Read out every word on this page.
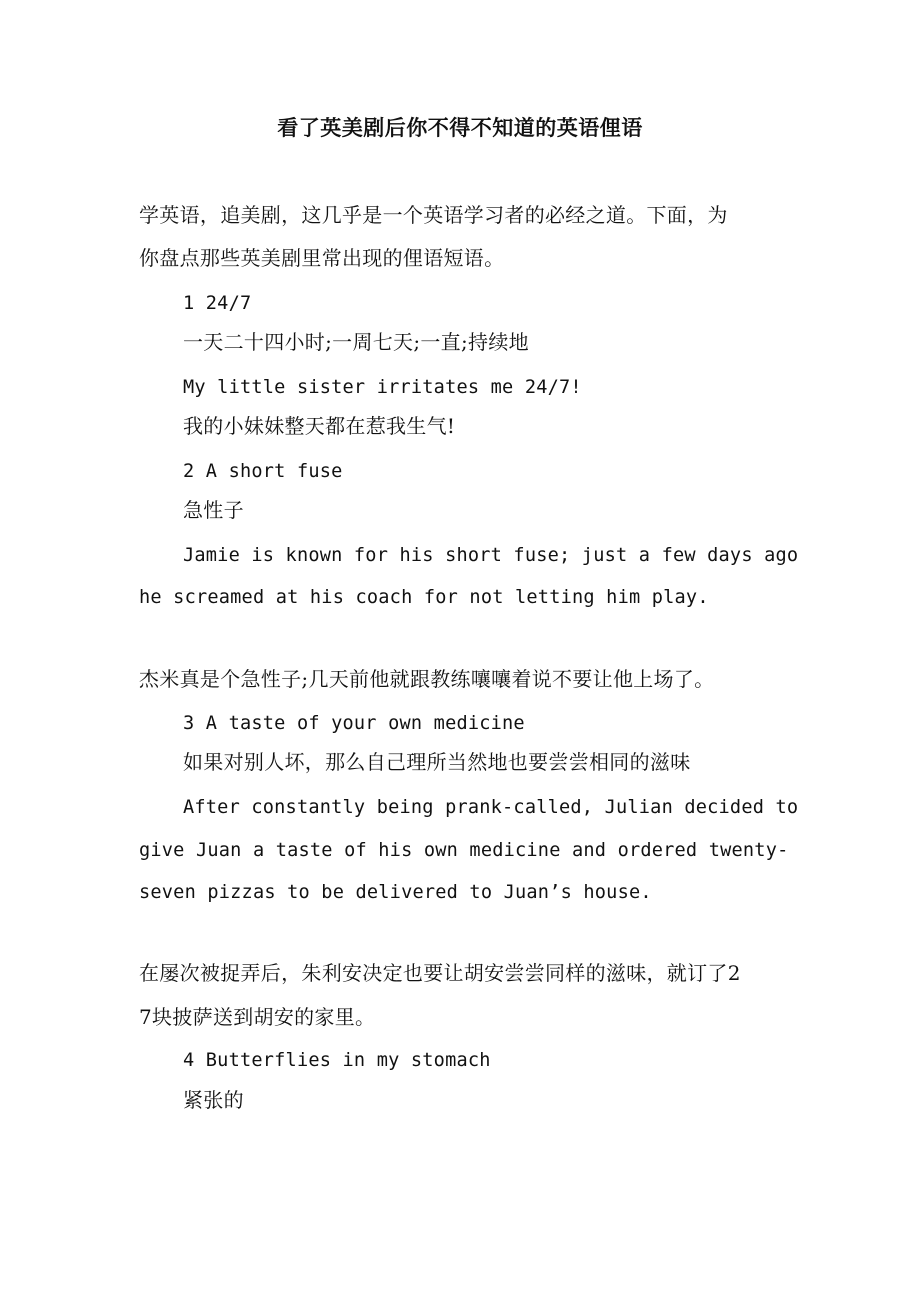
看了英美剧后你不得不知道的英语俚语
学英语，追美剧，这几乎是一个英语学习者的必经之道。下面，为
你盘点那些英美剧里常出现的俚语短语。
1 24/7
一天二十四小时;一周七天;一直;持续地
My little sister irritates me 24/7!
我的小妹妹整天都在惹我生气!
2 A short fuse
急性子
Jamie is known for his short fuse; just a few days ago
he screamed at his coach for not letting him play.
杰米真是个急性子;几天前他就跟教练嚷嚷着说不要让他上场了。
3 A taste of your own medicine
如果对别人坏，那么自己理所当然地也要尝尝相同的滋味
After constantly being prank-called, Julian decided to
give Juan a taste of his own medicine and ordered twenty-
seven pizzas to be delivered to Juan’s house.
在屡次被捉弄后，朱利安决定也要让胡安尝尝同样的滋味，就订了2
7块披萨送到胡安的家里。
4 Butterflies in my stomach
紧张的
